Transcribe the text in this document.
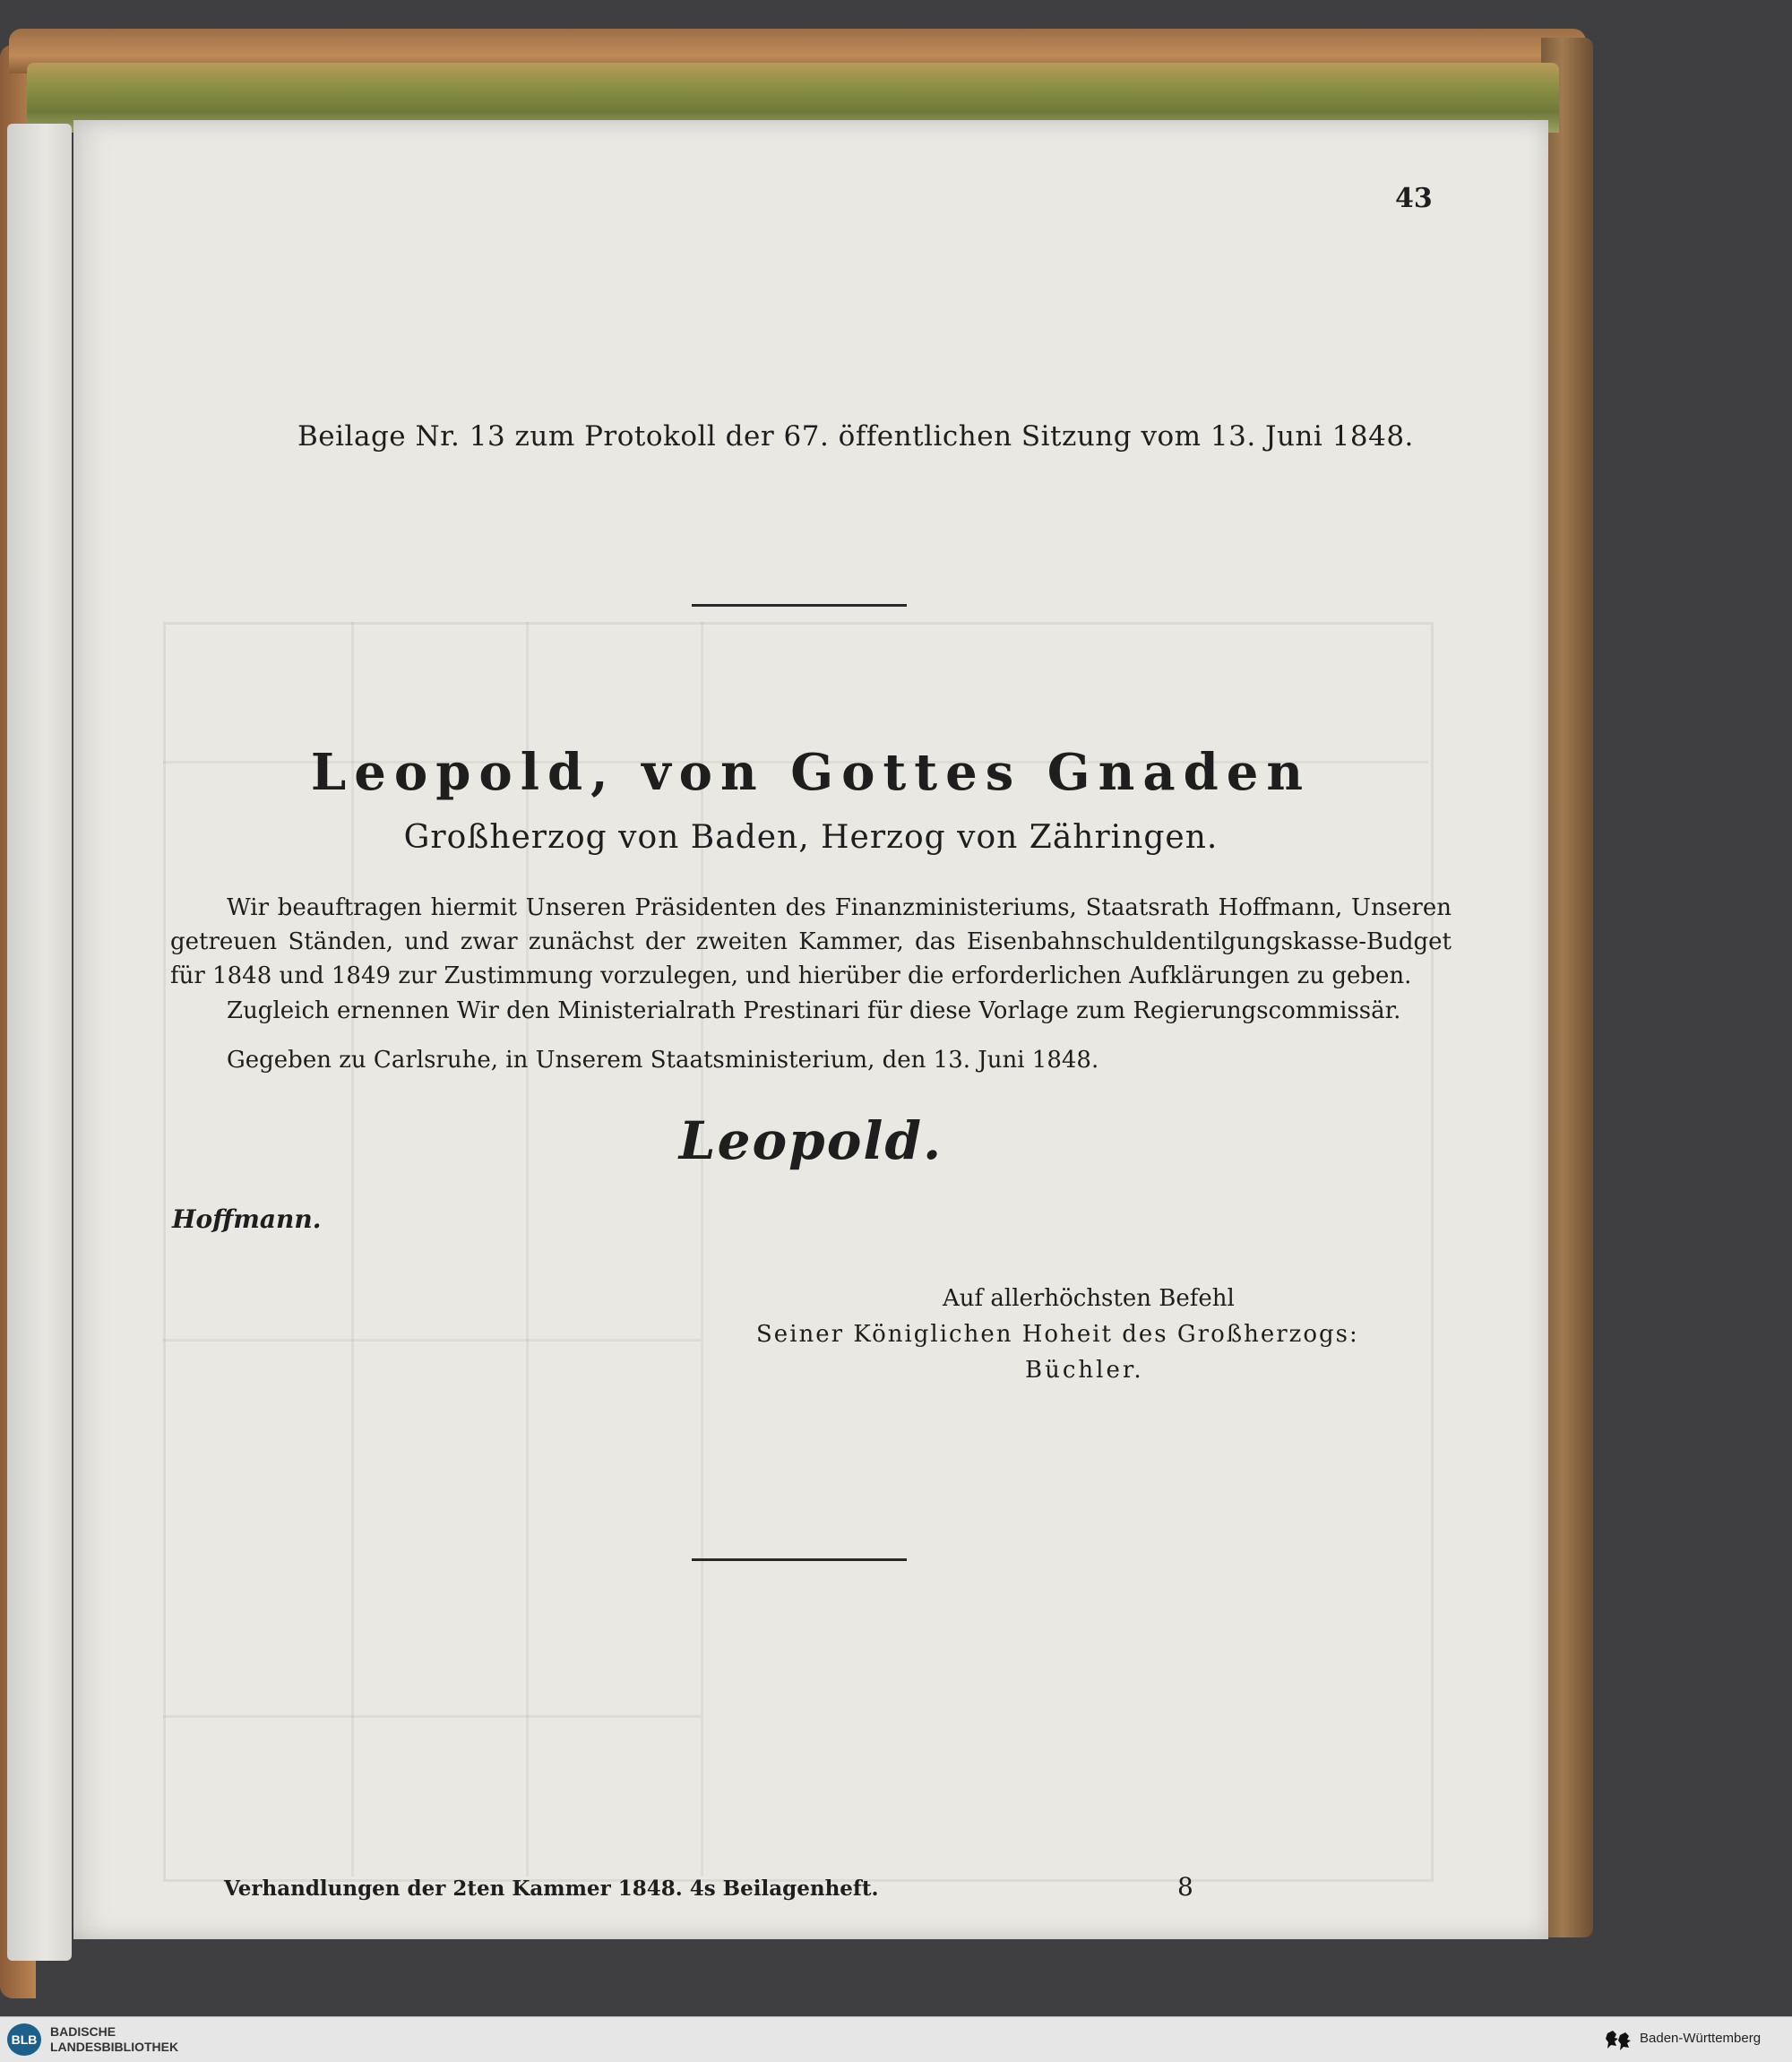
43
Beilage Nr. 13 zum Protokoll der 67. öffentlichen Sitzung vom 13. Juni 1848.
Leopold, von Gottes Gnaden
Großherzog von Baden, Herzog von Zähringen.
Wir beauftragen hiermit Unseren Präsidenten des Finanzministeriums, Staatsrath Hoffmann, Unseren getreuen Ständen, und zwar zunächst der zweiten Kammer, das Eisenbahnschuldentilgungskasse-Budget für 1848 und 1849 zur Zustimmung vorzulegen, und hierüber die erforderlichen Aufklärungen zu geben.
Zugleich ernennen Wir den Ministerialrath Prestinari für diese Vorlage zum Regierungscommissär.
Gegeben zu Carlsruhe, in Unserem Staatsministerium, den 13. Juni 1848.
Leopold.
Hoffmann.
Auf allerhöchsten Befehl
Seiner Königlichen Hoheit des Großherzogs:
Büchler.
Verhandlungen der 2ten Kammer 1848. 4s Beilagenheft.	8
BLB
BADISCHE
LANDESBIBLIOTHEK
Baden-Württemberg
